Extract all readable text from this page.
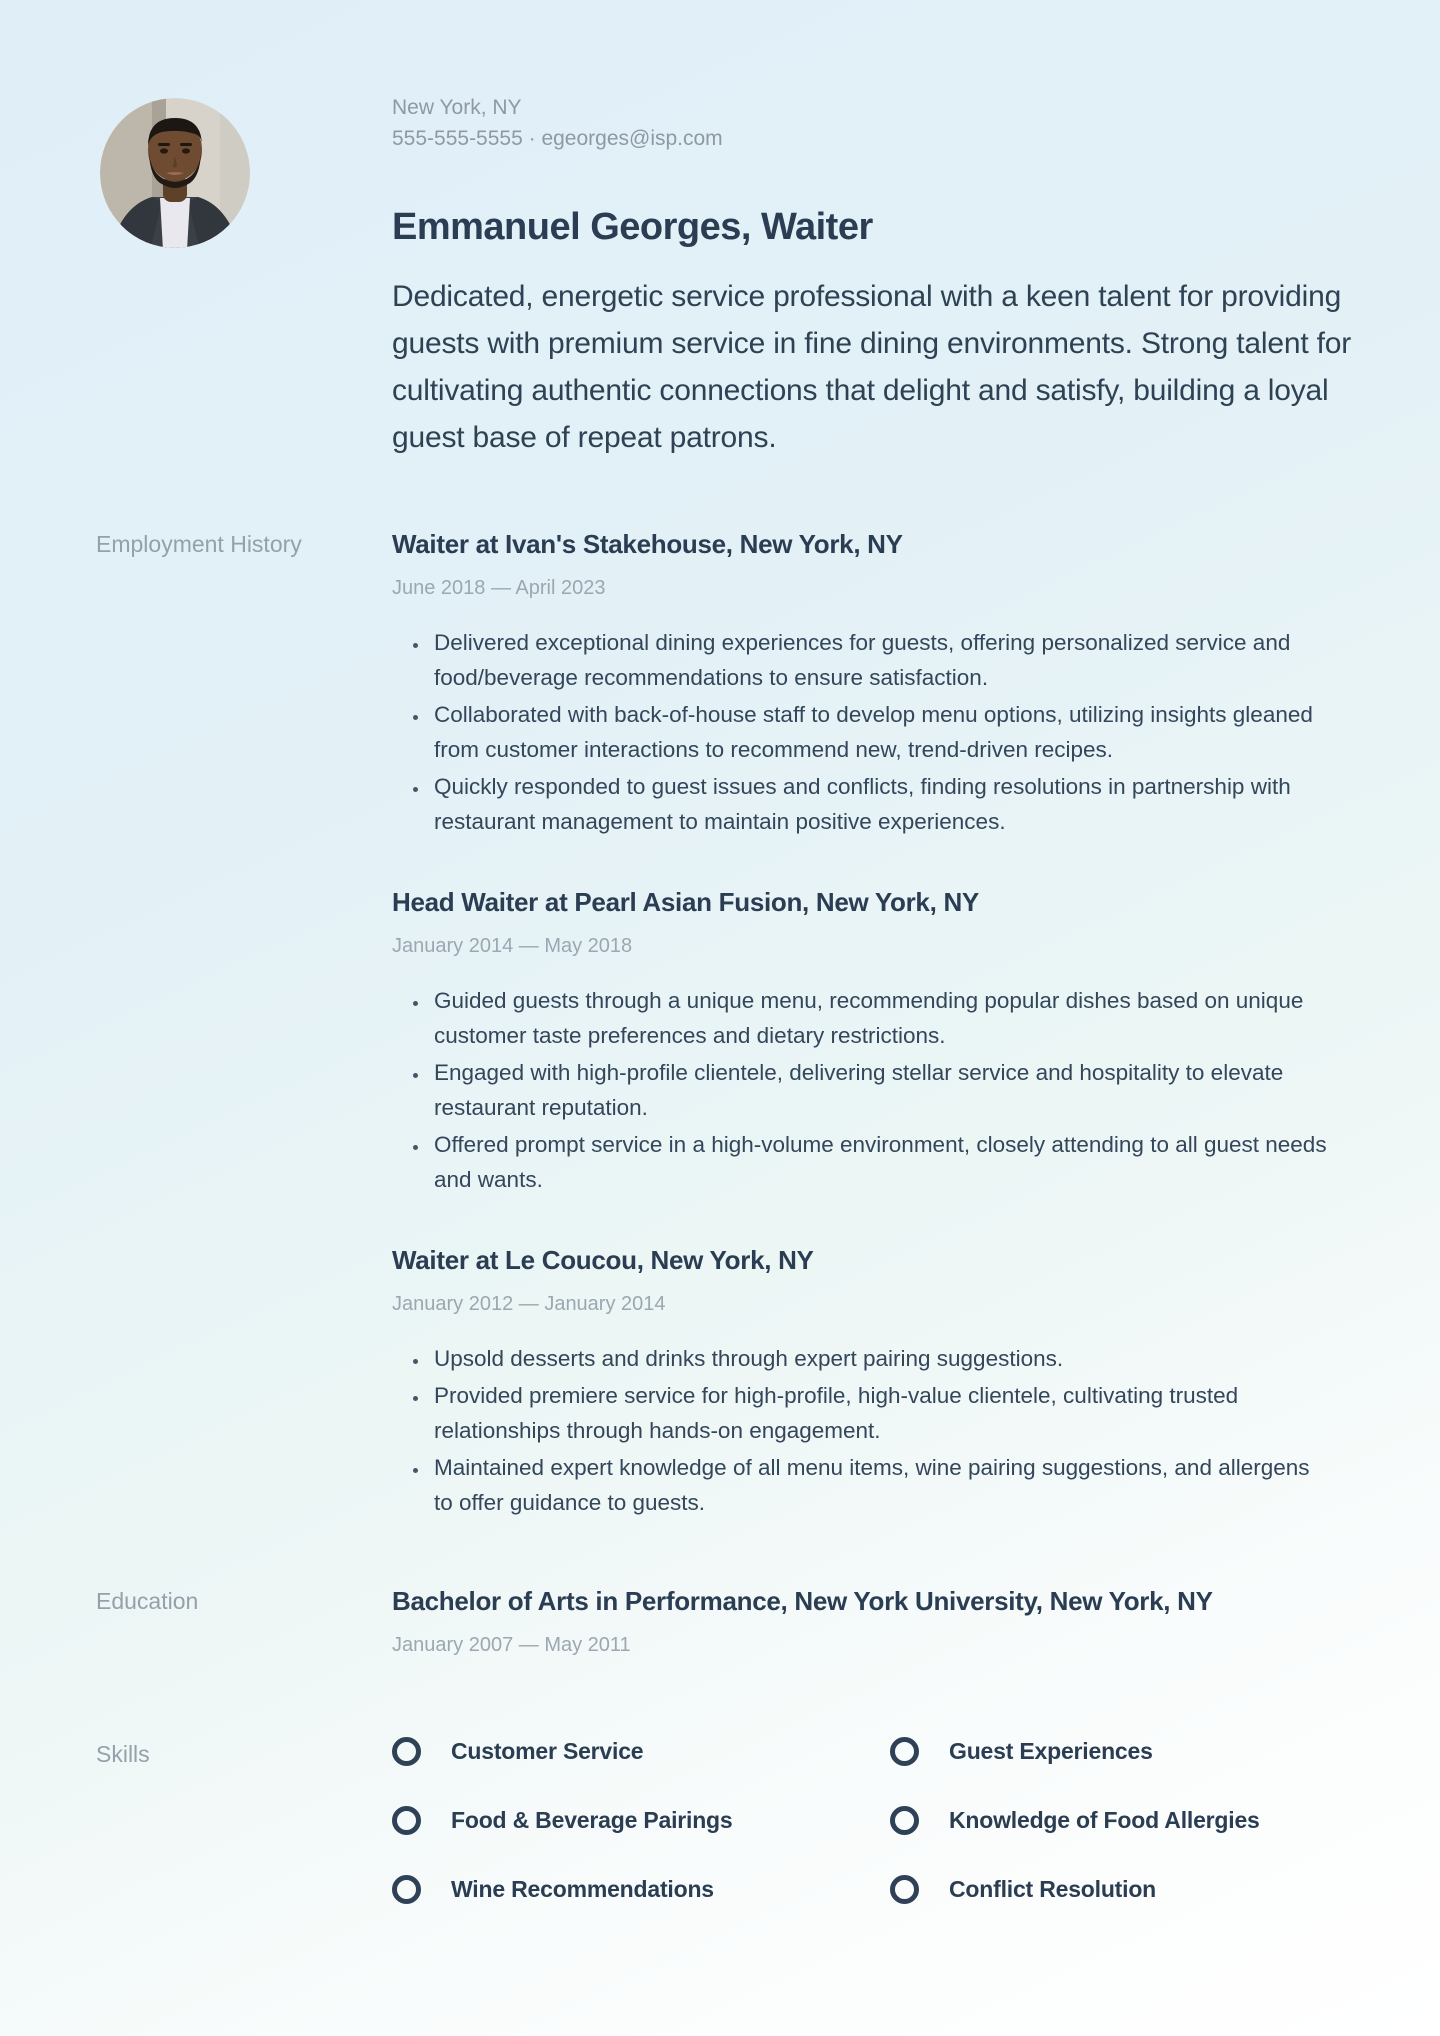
New York, NY
555-555-5555 · egeorges@isp.com
Emmanuel Georges, Waiter

Dedicated, energetic service professional with a keen talent for providing guests with premium service in fine dining environments. Strong talent for cultivating authentic connections that delight and satisfy, building a loyal guest base of repeat patrons.

Employment History	Waiter at Ivan's Stakehouse, New York, NY
June 2018 — April 2023
• Delivered exceptional dining experiences for guests, offering personalized service and food/beverage recommendations to ensure satisfaction.
• Collaborated with back-of-house staff to develop menu options, utilizing insights gleaned from customer interactions to recommend new, trend-driven recipes.
• Quickly responded to guest issues and conflicts, finding resolutions in partnership with restaurant management to maintain positive experiences.
Head Waiter at Pearl Asian Fusion, New York, NY
January 2014 — May 2018
• Guided guests through a unique menu, recommending popular dishes based on unique customer taste preferences and dietary restrictions.
• Engaged with high-profile clientele, delivering stellar service and hospitality to elevate restaurant reputation.
• Offered prompt service in a high-volume environment, closely attending to all guest needs and wants.
Waiter at Le Coucou, New York, NY
January 2012 — January 2014
• Upsold desserts and drinks through expert pairing suggestions.
• Provided premiere service for high-profile, high-value clientele, cultivating trusted relationships through hands-on engagement.
• Maintained expert knowledge of all menu items, wine pairing suggestions, and allergens to offer guidance to guests.
Education	Bachelor of Arts in Performance, New York University, New York, NY
January 2007 — May 2011
Skills	Customer Service	Guest Experiences
Food & Beverage Pairings	Knowledge of Food Allergies
Wine Recommendations	Conflict Resolution
